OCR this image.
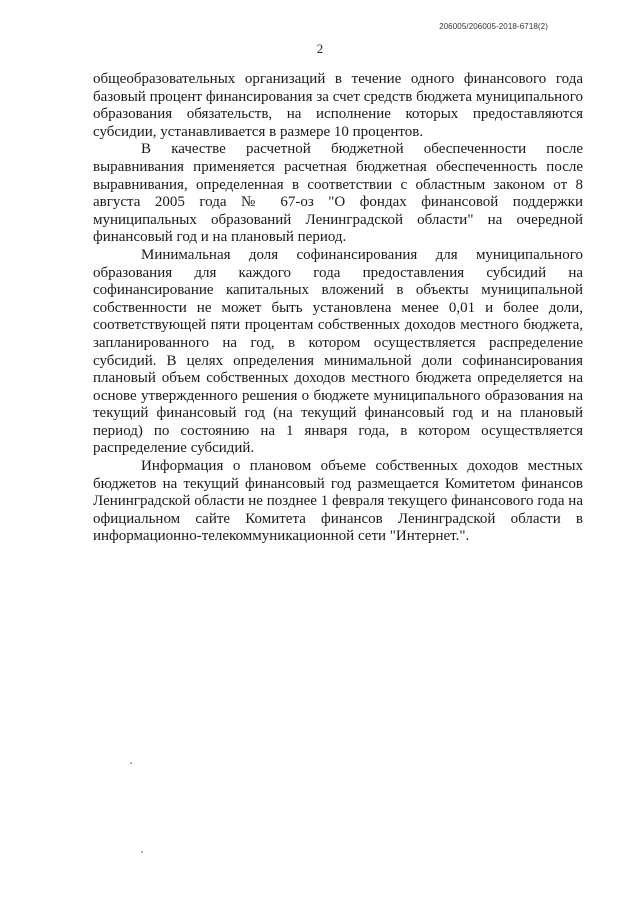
206005/206005-2018-6718(2)
2

общеобразовательных организаций в течение одного финансового года базовый процент финансирования за счет средств бюджета муниципального образования обязательств, на исполнение которых предоставляются субсидии, устанавливается в размере 10 процентов.

В качестве расчетной бюджетной обеспеченности после выравнивания применяется расчетная бюджетная обеспеченность после выравнивания, определенная в соответствии с областным законом от 8 августа 2005 года № 67-оз "О фондах финансовой поддержки муниципальных образований Ленинградской области" на очередной финансовый год и на плановый период.

Минимальная доля софинансирования для муниципального образования для каждого года предоставления субсидий на софинансирование капитальных вложений в объекты муниципальной собственности не может быть установлена менее 0,01 и более доли, соответствующей пяти процентам собственных доходов местного бюджета, запланированного на год, в котором осуществляется распределение субсидий. В целях определения минимальной доли софинансирования плановый объем собственных доходов местного бюджета определяется на основе утвержденного решения о бюджете муниципального образования на текущий финансовый год (на текущий финансовый год и на плановый период) по состоянию на 1 января года, в котором осуществляется распределение субсидий.

Информация о плановом объеме собственных доходов местных бюджетов на текущий финансовый год размещается Комитетом финансов Ленинградской области не позднее 1 февраля текущего финансового года на официальном сайте Комитета финансов Ленинградской области в информационно-телекоммуникационной сети "Интернет.".
